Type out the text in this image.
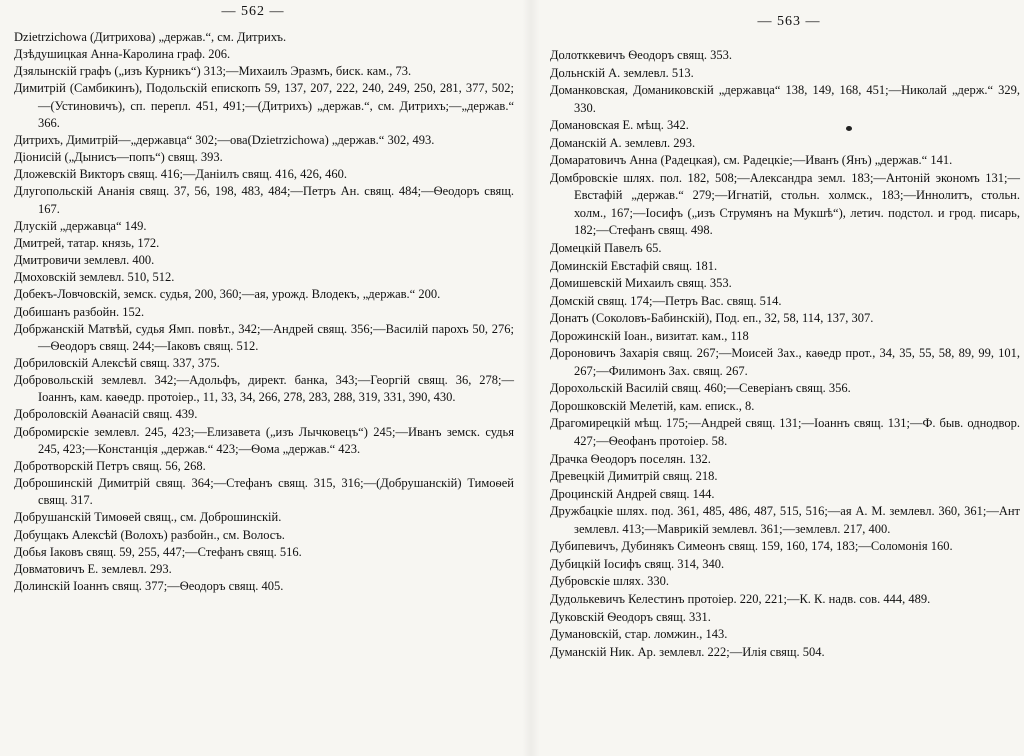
— 562 —
Dzietrzichowa (Дитрихова) „держав.“, см. Дитрихъ.
Дзѣдушицкая Анна-Каролина граф. 206.
Дзялынскій графъ („изъ Курникъ“) 313;—Михаилъ Эразмъ, биск. кам., 73.
Димитрій (Самбикинъ), Подольскій епископъ 59, 137, 207, 222, 240, 249, 250, 281, 377, 502;—(Устиновичъ), сп. перепл. 451, 491;—(Дитрихъ) „держав.“, см. Дитрихъ;—„держав.“ 366.
Дитрихъ, Димитрій—„державца“ 302;—ова(Dzietrzichowa) „держав.“ 302, 493.
Діонисій („Дынисъ—попъ“) свящ. 393.
Дложевскій Викторъ свящ. 416;—Даніилъ свящ. 416, 426, 460.
Длугопольскій Ананія свящ. 37, 56, 198, 483, 484;—Петръ Ан. свящ. 484;—Ѳеодоръ свящ. 167.
Длускій „державца“ 149.
Дмитрей, татар. князь, 172.
Дмитровичи землевл. 400.
Дмоховскій землевл. 510, 512.
Добекъ-Ловчовскій, земск. судья, 200, 360;—ая, урожд. Влодекъ, „держав.“ 200.
Добишанъ разбойн. 152.
Добржанскій Матвѣй, судья Ямп. повѣт., 342;—Андрей свящ. 356;—Василій парохъ 50, 276;—Ѳеодоръ свящ. 244;—Іаковъ свящ. 512.
Добриловскій Алексѣй свящ. 337, 375.
Добровольскій землевл. 342;—Адольфъ, директ. банка, 343;—Георгій свящ. 36, 278;—Іоаннъ, кам. каѳедр. протоіер., 11, 33, 34, 266, 278, 283, 288, 319, 331, 390, 430.
Доброловскій Аѳанасій свящ. 439.
Добромирскіе землевл. 245, 423;—Елизавета („изъ Лычковецъ“) 245;—Иванъ земск. судья 245, 423;—Констанція „держав.“ 423;—Ѳома „держав.“ 423.
Добротворскій Петръ свящ. 56, 268.
Доброшинскій Димитрій свящ. 364;—Стефанъ свящ. 315, 316;—(Добрушанскій) Тимоѳей свящ. 317.
Добрушанскій Тимоѳей свящ., см. Доброшинскій.
Добущакъ Алексѣй (Волохъ) разбойн., см. Волосъ.
Добья Іаковъ свящ. 59, 255, 447;—Стефанъ свящ. 516.
Довматовичъ Е. землевл. 293.
Долинскій Іоаннъ свящ. 377;—Ѳеодоръ свящ. 405.
— 563 —
Долотккевичъ Ѳеодоръ свящ. 353.
Дольнскій А. землевл. 513.
Доманковская, Доманиковскій „державца“ 138, 149, 168, 451;—Николай „держ.“ 329, 330.
Домановская Е. мѣщ. 342.
Доманскій А. землевл. 293.
Домаратовичъ Анна (Радецкая), см. Радецкіе;—Иванъ (Янъ) „держав.“ 141.
Домбровскіе шлях. пол. 182, 508;—Александра земл. 183;—Антоній экономъ 131;—Евстафій „держав.“ 279;—Игнатій, стольн. холмск., 183;—Иннолитъ, стольн. холм., 167;—Іосифъ („изъ Струмянъ на Мукшѣ“), летич. подстол. и грод. писарь, 182;—Стефанъ свящ. 498.
Домецкій Павелъ 65.
Доминскій Евстафій свящ. 181.
Домишевскій Михаилъ свящ. 353.
Домскій свящ. 174;—Петръ Вас. свящ. 514.
Донатъ (Соколовъ-Бабинскій), Под. еп., 32, 58, 114, 137, 307.
Дорожинскій Іоан., визитат. кам., 118
Дороновичъ Захарія свящ. 267;—Моисей Зах., каѳедр прот., 34, 35, 55, 58, 89, 99, 101, 267;—Филимонъ Зах. свящ. 267.
Дорохольскій Василій свящ. 460;—Северіанъ свящ. 356.
Дорошковскій Мелетій, кам. еписк., 8.
Драгомирецкій мѣщ. 175;—Андрей свящ. 131;—Іоаннъ свящ. 131;—Ф. быв. однодвор. 427;—Ѳеофанъ протоіер. 58.
Драчка Ѳеодоръ поселян. 132.
Древецкій Димитрій свящ. 218.
Дроцинскій Андрей свящ. 144.
Дружбацкіе шлях. под. 361, 485, 486, 487, 515, 516;—ая А. М. землевл. 360, 361;—Ант землевл. 413;—Маврикій землевл. 361;—землевл. 217, 400.
Дубипевичъ, Дубинякъ Симеонъ свящ. 159, 160, 174, 183;—Соломонія 160.
Дубицкій Іосифъ свящ. 314, 340.
Дубровскіе шлях. 330.
Дудолькевичъ Келестинъ протоіер. 220, 221;—К. К. надв. сов. 444, 489.
Дуковскій Ѳеодоръ свящ. 331.
Думановскій, стар. ломжин., 143.
Думанскій Ник. Ар. землевл. 222;—Илія свящ. 504.
